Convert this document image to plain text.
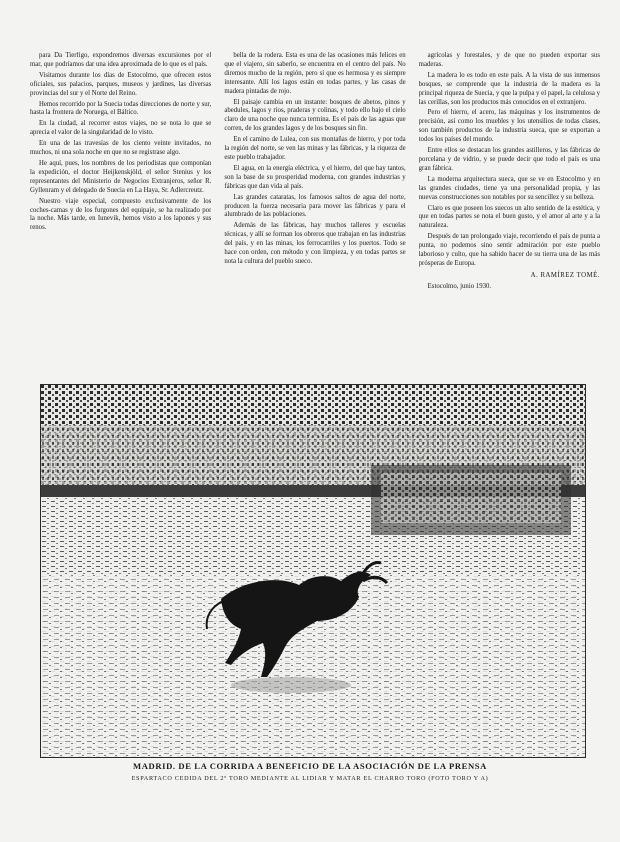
para Da Tierfigo, expondremos diversas excursiones por el mar, que podríamos dar una idea aproximada de lo que es el país.

Visitamos durante los días de Estocolmo, que ofrecen estos oficiales, sus palacios, parques, museos y jardines, las diversas provincias del sur y el Norte del Reino.

Hemos recorrido por la Suecia todas direcciones de norte y sur, hasta la frontera de Noruega, el Báltico.

En la ciudad, al recorrer estos viajes, no se nota lo que se aprecia el valor de la singularidad de lo visto.

En una de las travesías de los ciento veinte invitados, no muchos, ni una sola noche en que no se registrase algo.

He aquí, pues, los nombres de los periodistas que componían la expedición, el doctor Heijkenskjöld, el señor Stenius y los representantes del Ministerio de Negocios Extranjeros, señor R. Gyllenram y el delegado de Suecia en La Haya, Sr. Adlercreutz.

Nuestro viaje especial, compuesto exclusivamente de los coches-camas y de los furgones del equipaje, se ha realizado por la noche. Más tarde, en Iunevik, hemos visto a los lapones y sus renos.

bella de la rodera. Esta es una de las ocasiones más felices en que el viajero, sin saberlo, se encuentra en el centro del país. No diremos mucho de la región, pero sí que es hermosa y es siempre interesante. Allí los lagos están en todas partes, y las casas de madera pintadas de rojo.

El paisaje cambia en un instante: bosques de abetos, pinos y abedules, lagos y ríos, praderas y colinas, y todo ello bajo el cielo claro de una noche que nunca termina. Es el país de las aguas que corren, de los grandes lagos y de los bosques sin fin.

En el camino de Lulea, con sus montañas de hierro, y por toda la región del norte, se ven las minas y las fábricas, y la riqueza de este pueblo trabajador.

El agua, en la energía eléctrica, y el hierro, del que hay tantos, son la base de su prosperidad moderna, con grandes industrias y fábricas que dan vida al país.

Las grandes cataratas, los famosos saltos de agua del norte, producen la fuerza necesaria para mover las fábricas y para el alumbrado de las poblaciones.

Además de las fábricas, hay muchos talleres y escuelas técnicas, y allí se forman los obreros que trabajan en las industrias del país, y en las minas, los ferrocarriles y los puertos. Todo se hace con orden, con método y con limpieza, y en todas partes se nota la cultura del pueblo sueco.

agrícolas y forestales, y de que no pueden exportar sus maderas.

La madera lo es todo en este país. A la vista de sus inmensos bosques, se comprende que la industria de la madera es la principal riqueza de Suecia, y que la pulpa y el papel, la celulosa y las cerillas, son los productos más conocidos en el extranjero.

Pero el hierro, el acero, las máquinas y los instrumentos de precisión, así como los muebles y los utensilios de todas clases, son también productos de la industria sueca, que se exportan a todos los países del mundo.

Entre ellos se destacan los grandes astilleros, y las fábricas de porcelana y de vidrio, y se puede decir que todo el país es una gran fábrica.

La moderna arquitectura sueca, que se ve en Estocolmo y en las grandes ciudades, tiene ya una personalidad propia, y las nuevas construcciones son notables por su sencillez y su belleza.

Claro es que poseen los suecos un alto sentido de la estética, y que en todas partes se nota el buen gusto, y el amor al arte y a la naturaleza.

Después de tan prolongado viaje, recorriendo el país de punta a punta, no podemos sino sentir admiración por este pueblo laborioso y culto, que ha sabido hacer de su tierra una de las más prósperas de Europa.

A. RAMÍREZ TOMÉ.

Estocolmo, junio 1930.

MADRID. DE LA CORRIDA A BENEFICIO DE LA ASOCIACIÓN DE LA PRENSA
ESPARTACO CEDIDA DEL 2º TORO MEDIANTE AL LIDIAR Y MATAR EL CHARRO TORO (FOTO TORO Y A)
